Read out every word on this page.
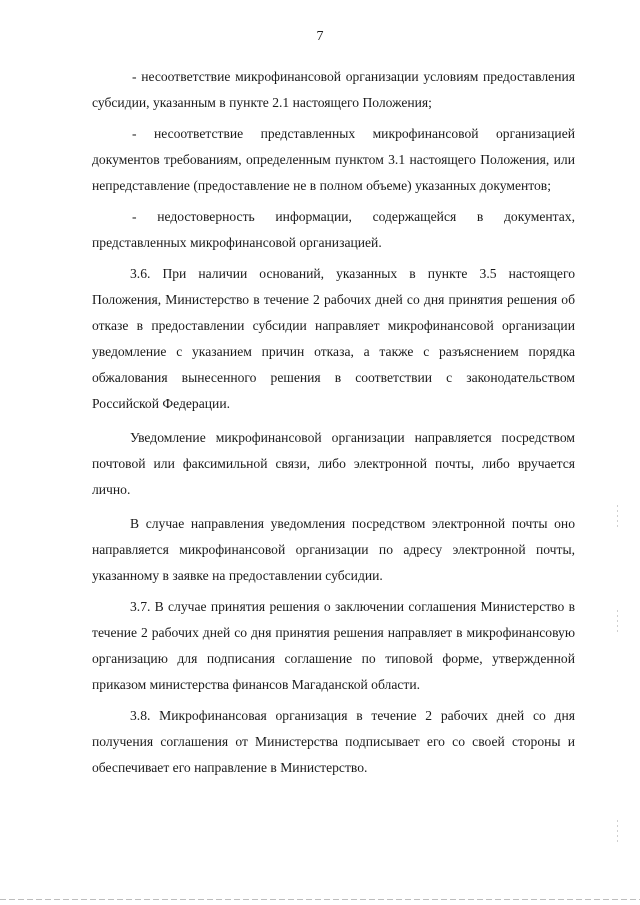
7

- несоответствие микрофинансовой организации условиям предоставления субсидии, указанным в пункте 2.1 настоящего Положения;

- несоответствие представленных микрофинансовой организацией документов требованиям, определенным пунктом 3.1 настоящего Положения, или непредставление (предоставление не в полном объеме) указанных документов;

- недостоверность информации, содержащейся в документах, представленных микрофинансовой организацией.

3.6. При наличии оснований, указанных в пункте 3.5 настоящего Положения, Министерство в течение 2 рабочих дней со дня принятия решения об отказе в предоставлении субсидии направляет микрофинансовой организации уведомление с указанием причин отказа, а также с разъяснением порядка обжалования вынесенного решения в соответствии с законодательством Российской Федерации.

Уведомление микрофинансовой организации направляется посредством почтовой или факсимильной связи, либо электронной почты, либо вручается лично.

В случае направления уведомления посредством электронной почты оно направляется микрофинансовой организации по адресу электронной почты, указанному в заявке на предоставлении субсидии.

3.7. В случае принятия решения о заключении соглашения Министерство в течение 2 рабочих дней со дня принятия решения направляет в микрофинансовую организацию для подписания соглашение по типовой форме, утвержденной приказом министерства финансов Магаданской области.

3.8. Микрофинансовая организация в течение 2 рабочих дней со дня получения соглашения от Министерства подписывает его со своей стороны и обеспечивает его направление в Министерство.
